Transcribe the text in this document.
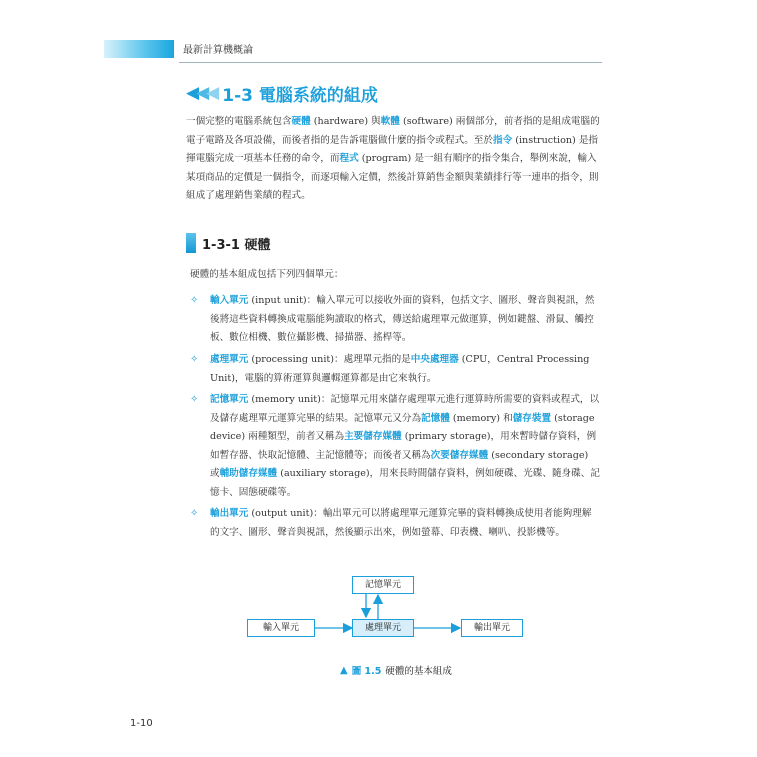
最新計算機概論
◀
◀
◀ 1-3 電腦系統的組成
一個完整的電腦系統包含硬體 (hardware) 與軟體 (software) 兩個部分，前者指的是組成電腦的電子電路及各項設備，而後者指的是告訴電腦做什麼的指令或程式。至於指令 (instruction) 是指揮電腦完成一項基本任務的命令，而程式 (program) 是一組有順序的指令集合，舉例來說，輸入某項商品的定價是一個指令，而逐項輸入定價，然後計算銷售金額與業績排行等一連串的指令，則組成了處理銷售業績的程式。
1-3-1 硬體
硬體的基本組成包括下列四個單元：
✧ 輸入單元 (input unit)：輸入單元可以接收外面的資料，包括文字、圖形、聲音與視訊，然後將這些資料轉換成電腦能夠讀取的格式，傳送給處理單元做運算，例如鍵盤、滑鼠、觸控板、數位相機、數位攝影機、掃描器、搖桿等。
✧ 處理單元 (processing unit)：處理單元指的是中央處理器 (CPU，Central Processing Unit)，電腦的算術運算與邏輯運算都是由它來執行。
✧ 記憶單元 (memory unit)：記憶單元用來儲存處理單元進行運算時所需要的資料或程式，以及儲存處理單元運算完畢的結果。記憶單元又分為記憶體 (memory) 和儲存裝置 (storage device) 兩種類型，前者又稱為主要儲存媒體 (primary storage)，用來暫時儲存資料，例如暫存器、快取記憶體、主記憶體等；而後者又稱為次要儲存媒體 (secondary storage) 或輔助儲存媒體 (auxiliary storage)，用來長時間儲存資料，例如硬碟、光碟、隨身碟、記憶卡、固態硬碟等。
✧ 輸出單元 (output unit)：輸出單元可以將處理單元運算完畢的資料轉換成使用者能夠理解的文字、圖形、聲音與視訊，然後顯示出來，例如螢幕、印表機、喇叭、投影機等。
記憶單元
輸入單元	處理單元	輸出單元
▲ 圖 1.5 硬體的基本組成
1-10
